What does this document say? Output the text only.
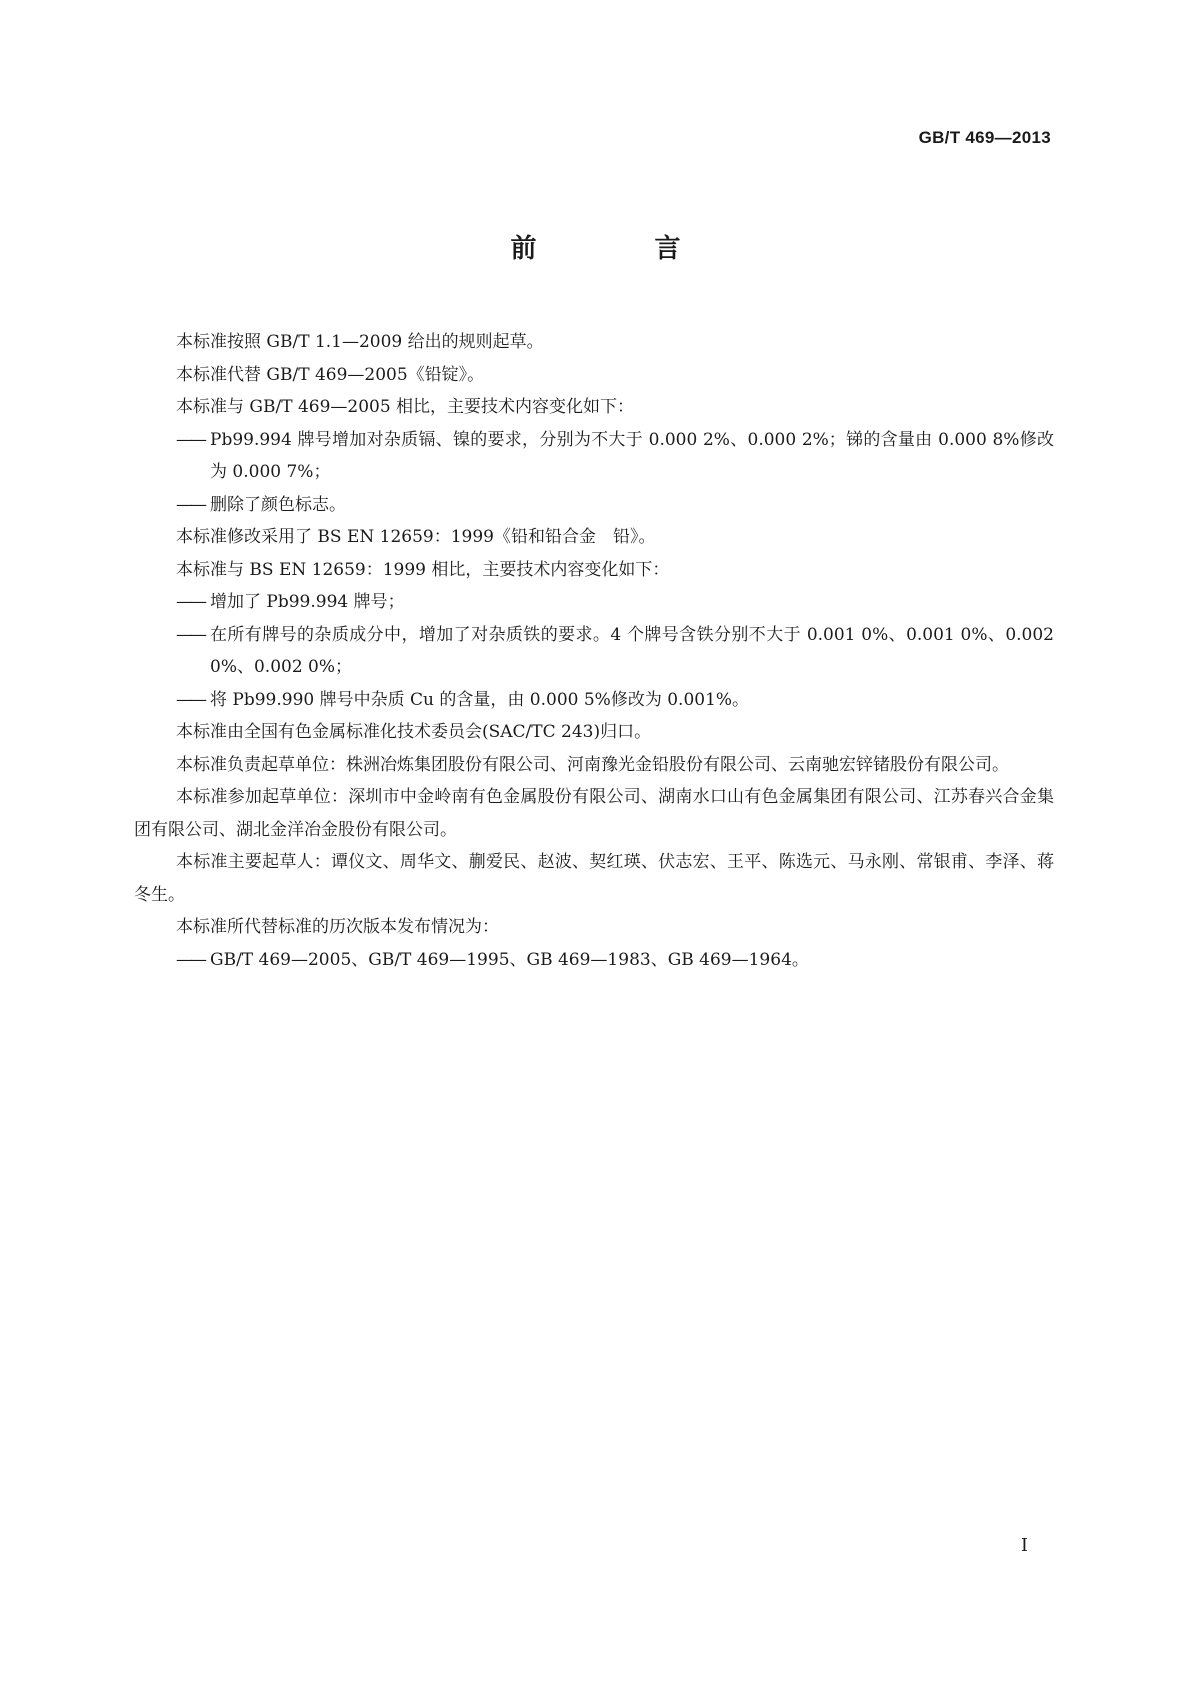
GB/T 469—2013
前　言
本标准按照 GB/T 1.1—2009 给出的规则起草。
本标准代替 GB/T 469—2005《铅锭》。
本标准与 GB/T 469—2005 相比，主要技术内容变化如下：
—— Pb99.994 牌号增加对杂质镉、镍的要求，分别为不大于 0.000 2%、0.000 2%；锑的含量由 0.000 8%修改为 0.000 7%；
—— 删除了颜色标志。
本标准修改采用了 BS EN 12659：1999《铅和铅合金　铅》。
本标准与 BS EN 12659：1999 相比，主要技术内容变化如下：
—— 增加了 Pb99.994 牌号；
—— 在所有牌号的杂质成分中，增加了对杂质铁的要求。4 个牌号含铁分别不大于 0.001 0%、0.001 0%、0.002 0%、0.002 0%；
—— 将 Pb99.990 牌号中杂质 Cu 的含量，由 0.000 5%修改为 0.001%。
本标准由全国有色金属标准化技术委员会(SAC/TC 243)归口。
本标准负责起草单位：株洲冶炼集团股份有限公司、河南豫光金铅股份有限公司、云南驰宏锌锗股份有限公司。
本标准参加起草单位：深圳市中金岭南有色金属股份有限公司、湖南水口山有色金属集团有限公司、江苏春兴合金集团有限公司、湖北金洋冶金股份有限公司。
本标准主要起草人：谭仪文、周华文、蒯爱民、赵波、契红瑛、伏志宏、王平、陈选元、马永刚、常银甫、李泽、蒋冬生。
本标准所代替标准的历次版本发布情况为：
—— GB/T 469—2005、GB/T 469—1995、GB 469—1983、GB 469—1964。
I
